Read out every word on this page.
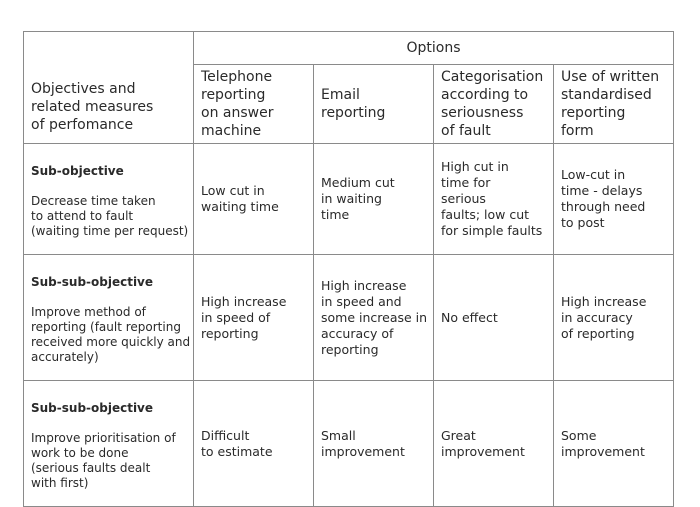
Objectives and
related measures
of perfomance	Options			
	Telephone
reporting
on answer
machine	Email
reporting	Categorisation
according to
seriousness
of fault	Use of written
standardised
reporting
form

Sub-objective

Decrease time taken
to attend to fault
(waiting time per request)	Low cut in
waiting time	Medium cut
in waiting
time	High cut in
time for
serious
faults; low cut
for simple faults	Low-cut in
time - delays
through need
to post

Sub-sub-objective

Improve method of
reporting (fault reporting
received more quickly and
accurately)	High increase
in speed of
reporting	High increase
in speed and
some increase in
accuracy of
reporting	No effect	High increase
in accuracy
of reporting

Sub-sub-objective

Improve prioritisation of
work to be done
(serious faults dealt
with first)	Difficult
to estimate	Small
improvement	Great
improvement	Some
improvement
